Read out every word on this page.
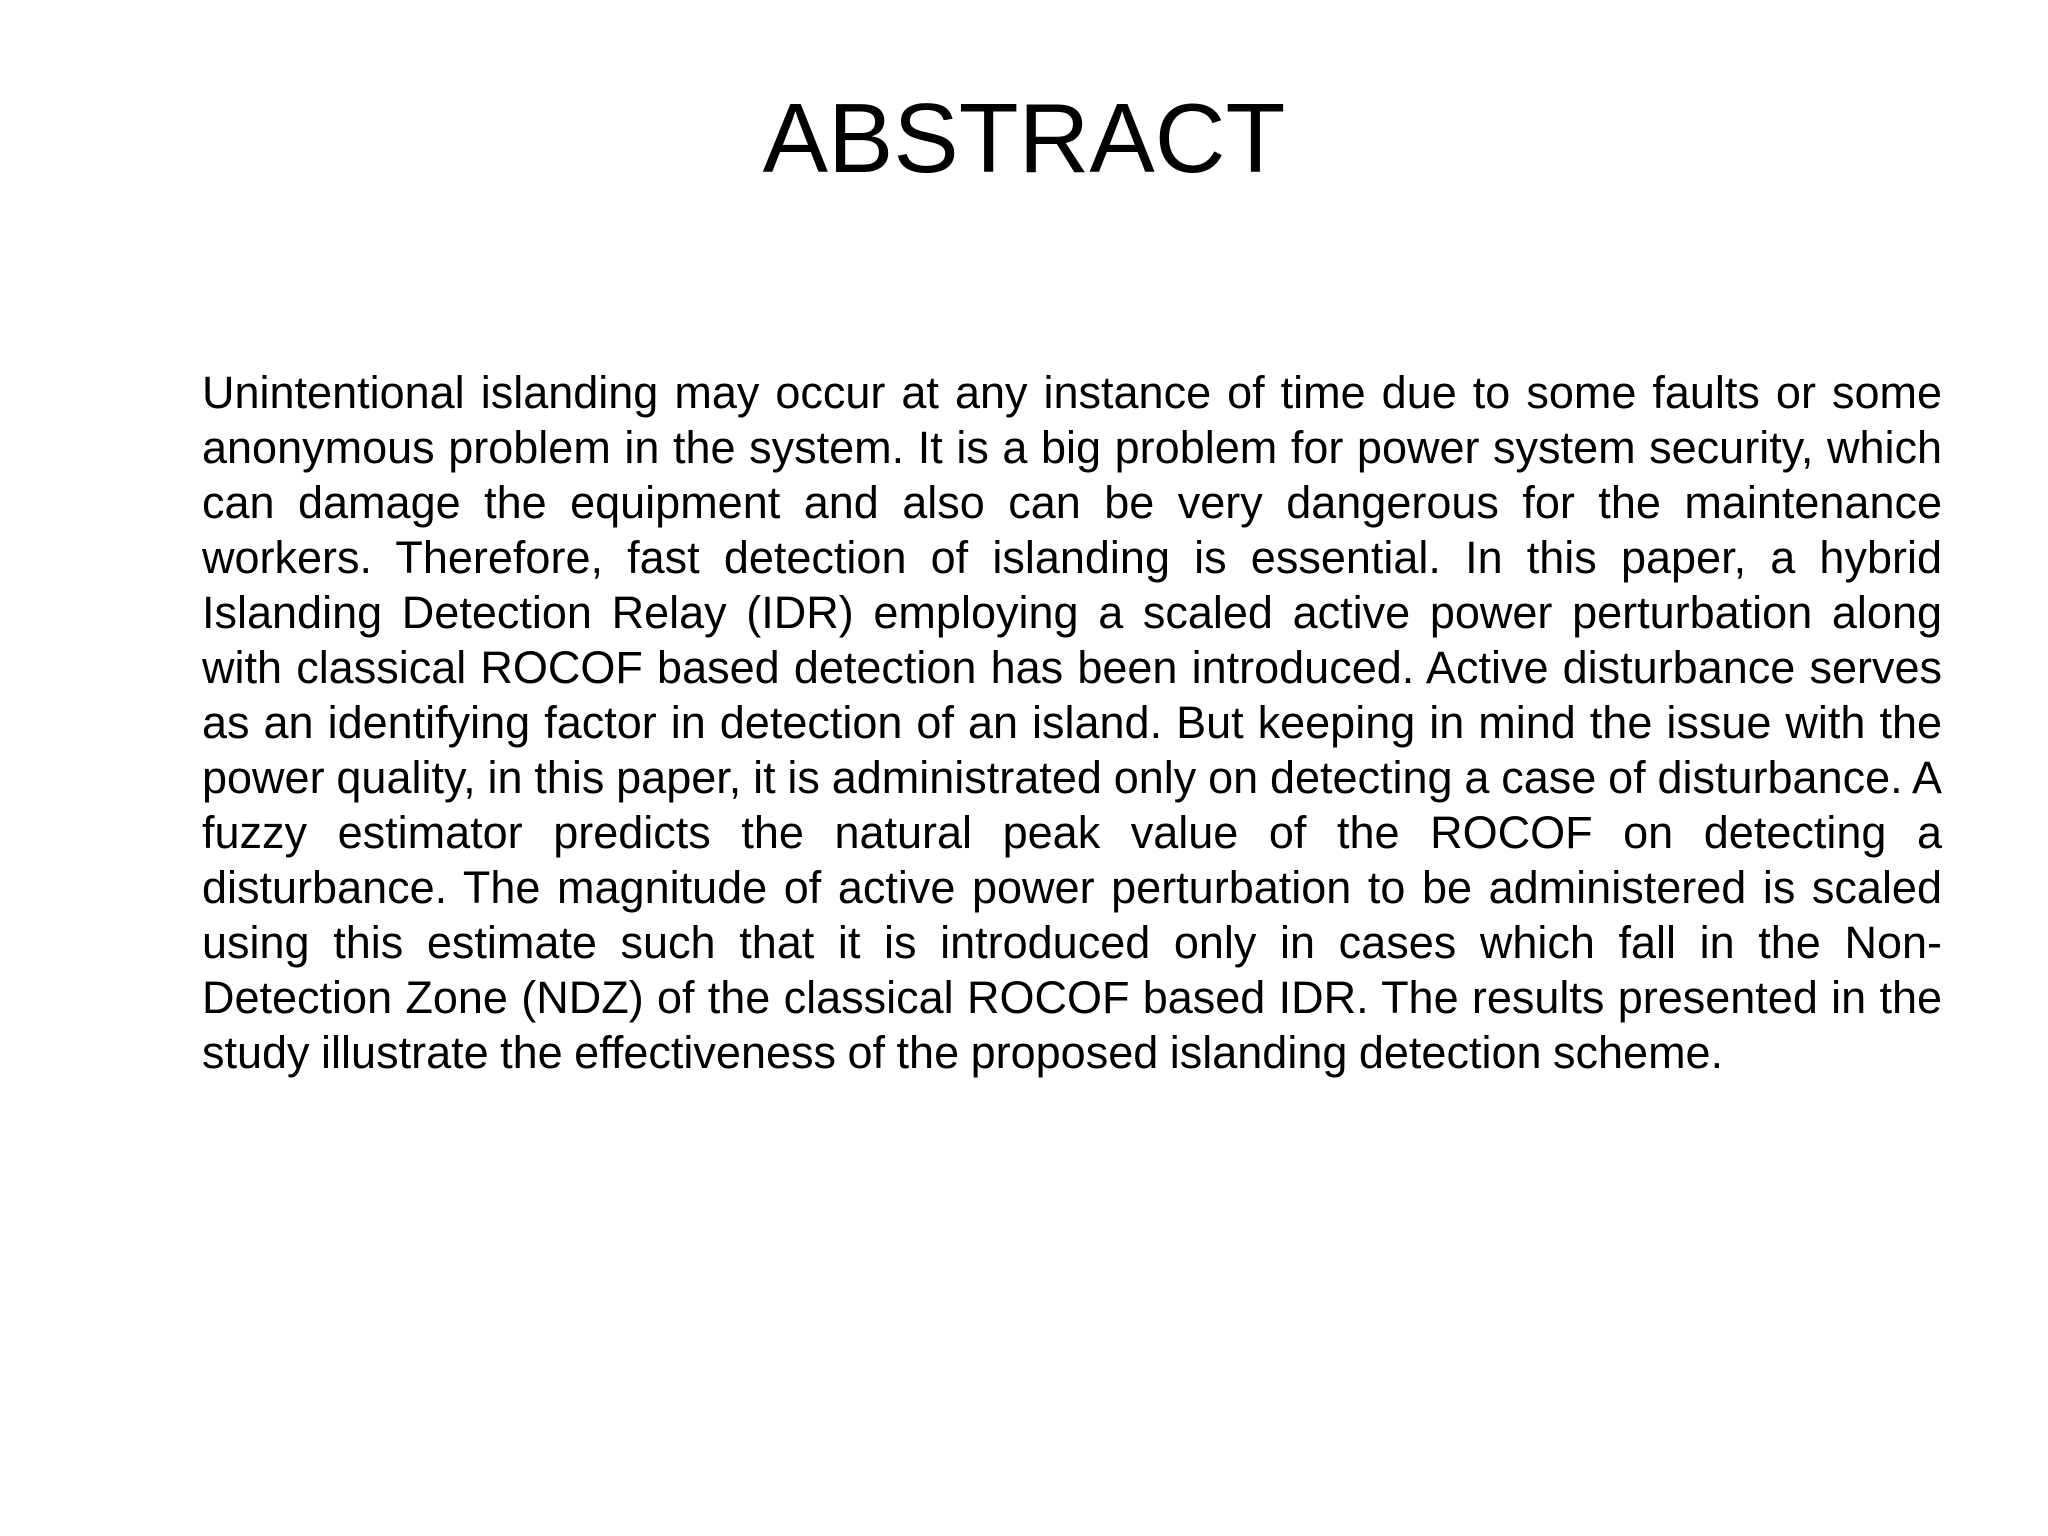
ABSTRACT

Unintentional islanding may occur at any instance of time due to some faults or some anonymous problem in the system. It is a big problem for power system security, which can damage the equipment and also can be very dangerous for the maintenance workers. Therefore, fast detection of islanding is essential. In this paper, a hybrid Islanding Detection Relay (IDR) employing a scaled active power perturbation along with classical ROCOF based detection has been introduced. Active disturbance serves as an identifying factor in detection of an island. But keeping in mind the issue with the power quality, in this paper, it is administrated only on detecting a case of disturbance. A fuzzy estimator predicts the natural peak value of the ROCOF on detecting a disturbance. The magnitude of active power perturbation to be administered is scaled using this estimate such that it is introduced only in cases which fall in the Non-Detection Zone (NDZ) of the classical ROCOF based IDR. The results presented in the study illustrate the effectiveness of the proposed islanding detection scheme.
